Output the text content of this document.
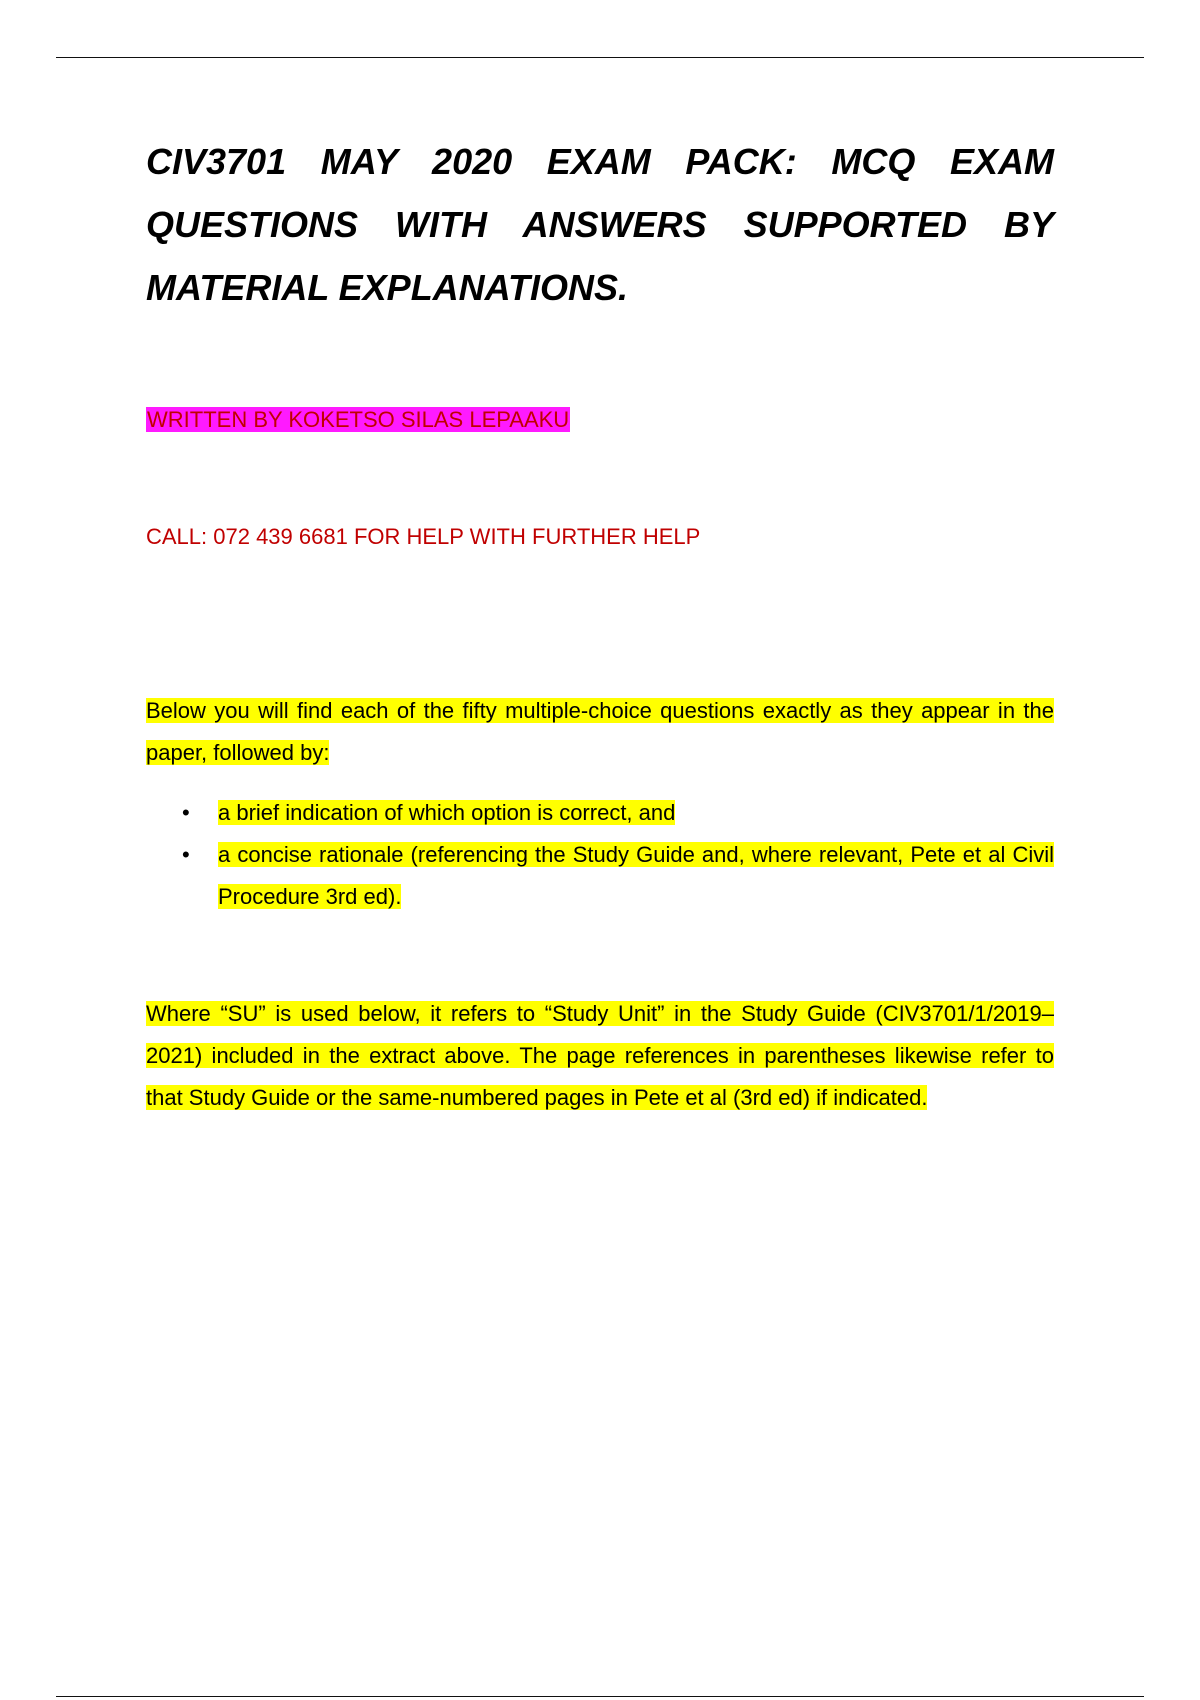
CIV3701 MAY 2020 EXAM PACK: MCQ EXAM QUESTIONS WITH ANSWERS SUPPORTED BY MATERIAL EXPLANATIONS.

WRITTEN BY KOKETSO SILAS LEPAAKU

CALL: 072 439 6681 FOR HELP WITH FURTHER HELP

Below you will find each of the fifty multiple-choice questions exactly as they appear in the paper, followed by:

•	a brief indication of which option is correct, and
•	a concise rationale (referencing the Study Guide and, where relevant, Pete et al Civil Procedure 3rd ed).

Where “SU” is used below, it refers to “Study Unit” in the Study Guide (CIV3701/1/2019–2021) included in the extract above. The page references in parentheses likewise refer to that Study Guide or the same-numbered pages in Pete et al (3rd ed) if indicated.
